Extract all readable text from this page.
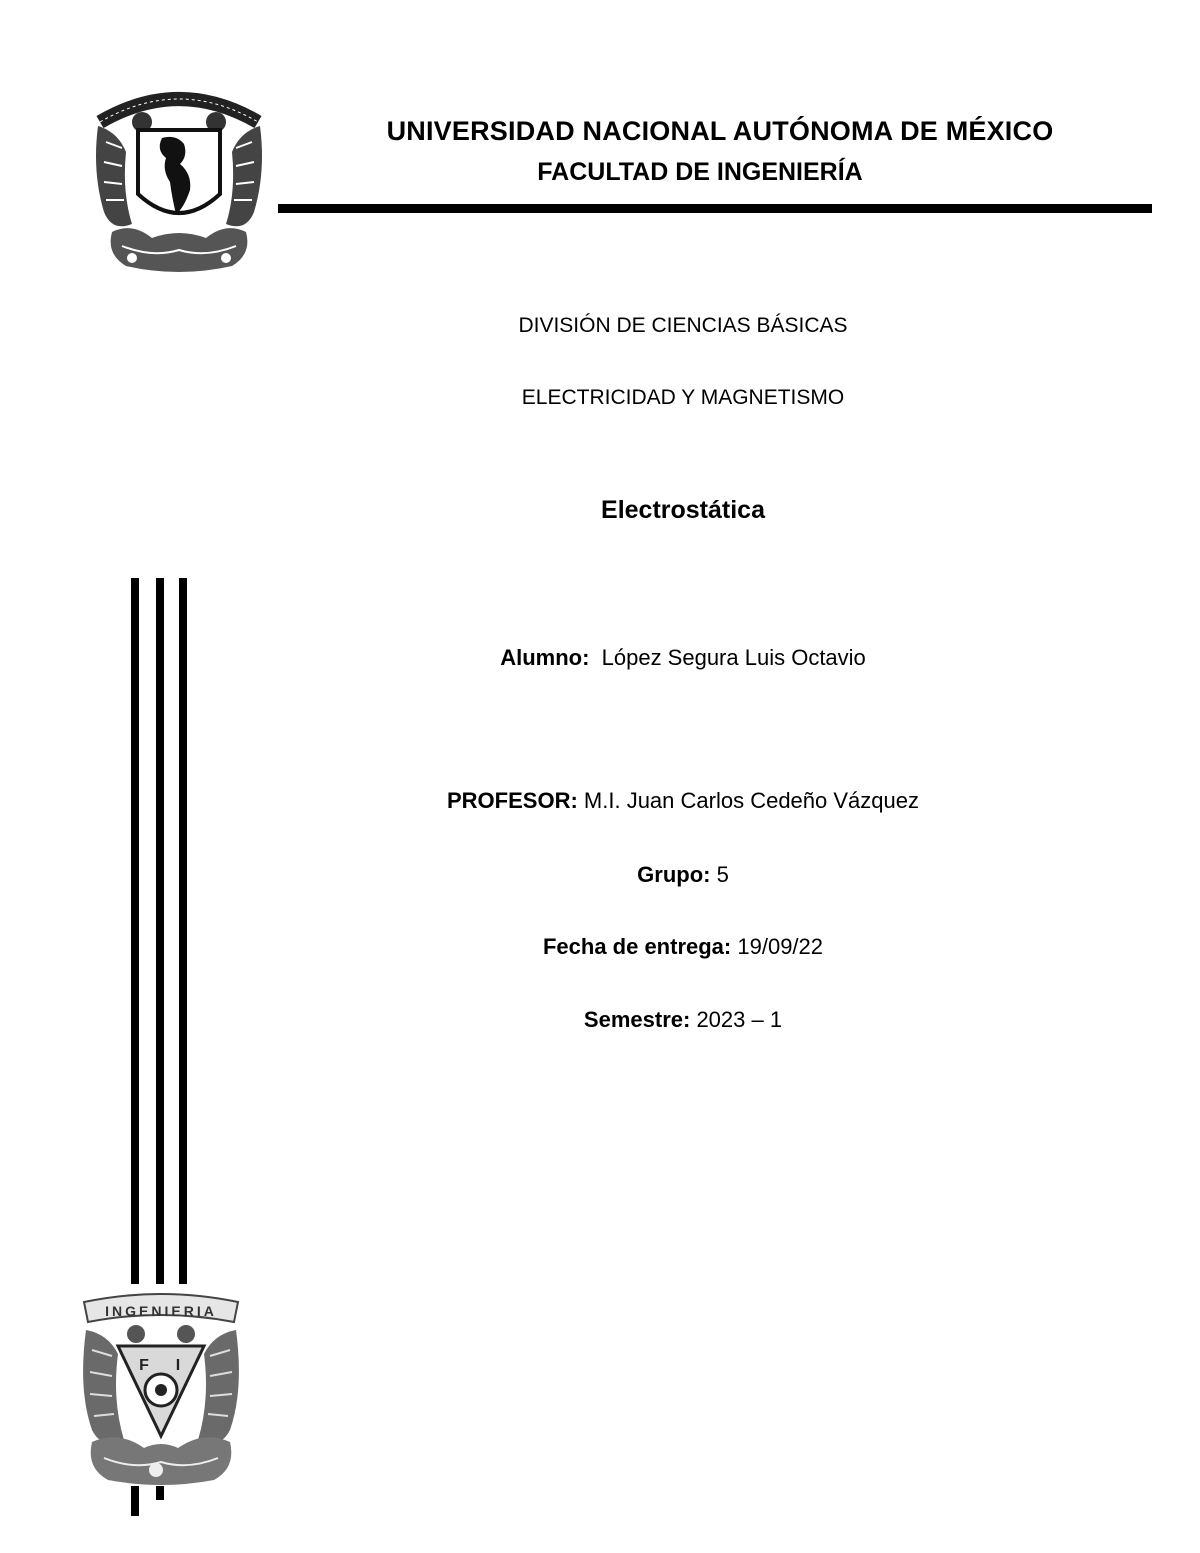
UNIVERSIDAD NACIONAL AUTÓNOMA DE MÉXICO
FACULTAD DE INGENIERÍA
DIVISIÓN DE CIENCIAS BÁSICAS
ELECTRICIDAD Y MAGNETISMO
Electrostática
Alumno: López Segura Luis Octavio
PROFESOR: M.I. Juan Carlos Cedeño Vázquez
Grupo: 5
Fecha de entrega: 19/09/22
Semestre: 2023 – 1
INGENIERIA
F I
